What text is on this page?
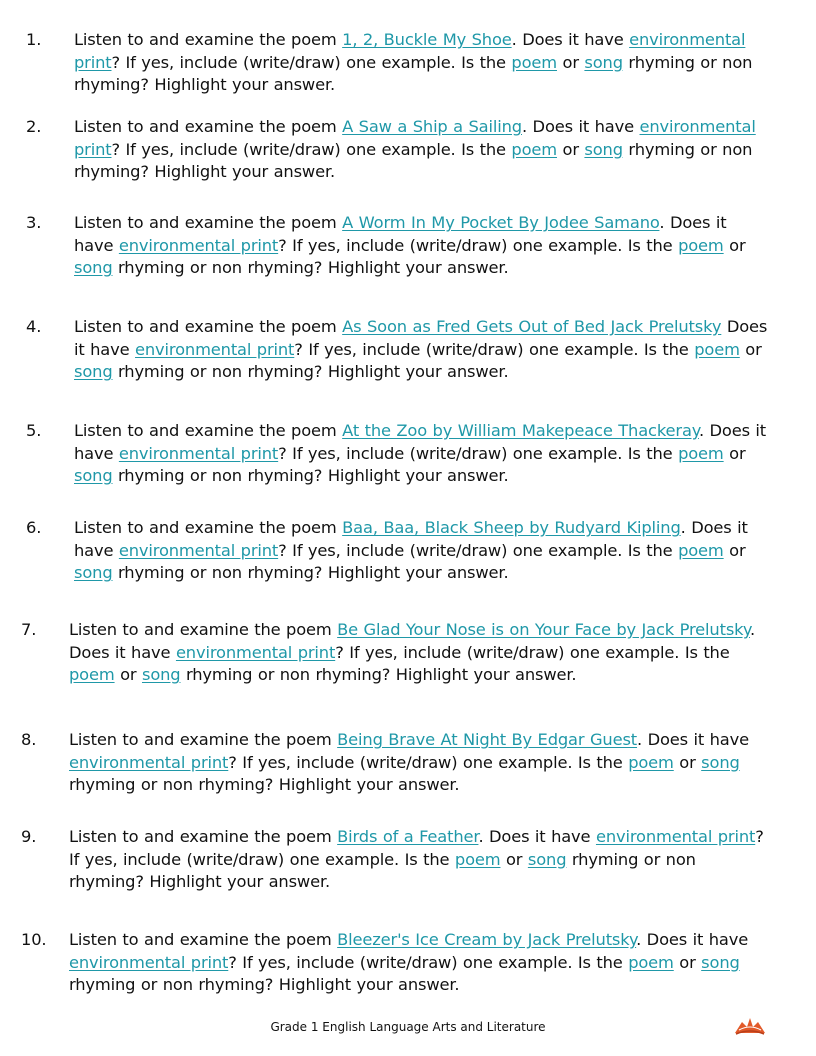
1. Listen to and examine the poem 1, 2, Buckle My Shoe. Does it have environmental print? If yes, include (write/draw) one example. Is the poem or song rhyming or non rhyming? Highlight your answer.
2. Listen to and examine the poem A Saw a Ship a Sailing. Does it have environmental print? If yes, include (write/draw) one example. Is the poem or song rhyming or non rhyming? Highlight your answer.
3. Listen to and examine the poem A Worm In My Pocket By Jodee Samano. Does it have environmental print? If yes, include (write/draw) one example. Is the poem or song rhyming or non rhyming? Highlight your answer.
4. Listen to and examine the poem As Soon as Fred Gets Out of Bed Jack Prelutsky Does it have environmental print? If yes, include (write/draw) one example. Is the poem or song rhyming or non rhyming? Highlight your answer.
5. Listen to and examine the poem At the Zoo by William Makepeace Thackeray. Does it have environmental print? If yes, include (write/draw) one example. Is the poem or song rhyming or non rhyming? Highlight your answer.
6. Listen to and examine the poem Baa, Baa, Black Sheep by Rudyard Kipling. Does it have environmental print? If yes, include (write/draw) one example. Is the poem or song rhyming or non rhyming? Highlight your answer.
7. Listen to and examine the poem Be Glad Your Nose is on Your Face by Jack Prelutsky. Does it have environmental print? If yes, include (write/draw) one example. Is the poem or song rhyming or non rhyming? Highlight your answer.
8. Listen to and examine the poem Being Brave At Night By Edgar Guest. Does it have environmental print? If yes, include (write/draw) one example. Is the poem or song rhyming or non rhyming? Highlight your answer.
9. Listen to and examine the poem Birds of a Feather. Does it have environmental print? If yes, include (write/draw) one example. Is the poem or song rhyming or non rhyming? Highlight your answer.
10. Listen to and examine the poem Bleezer's Ice Cream by Jack Prelutsky. Does it have environmental print? If yes, include (write/draw) one example. Is the poem or song rhyming or non rhyming? Highlight your answer.
Grade 1 English Language Arts and Literature
